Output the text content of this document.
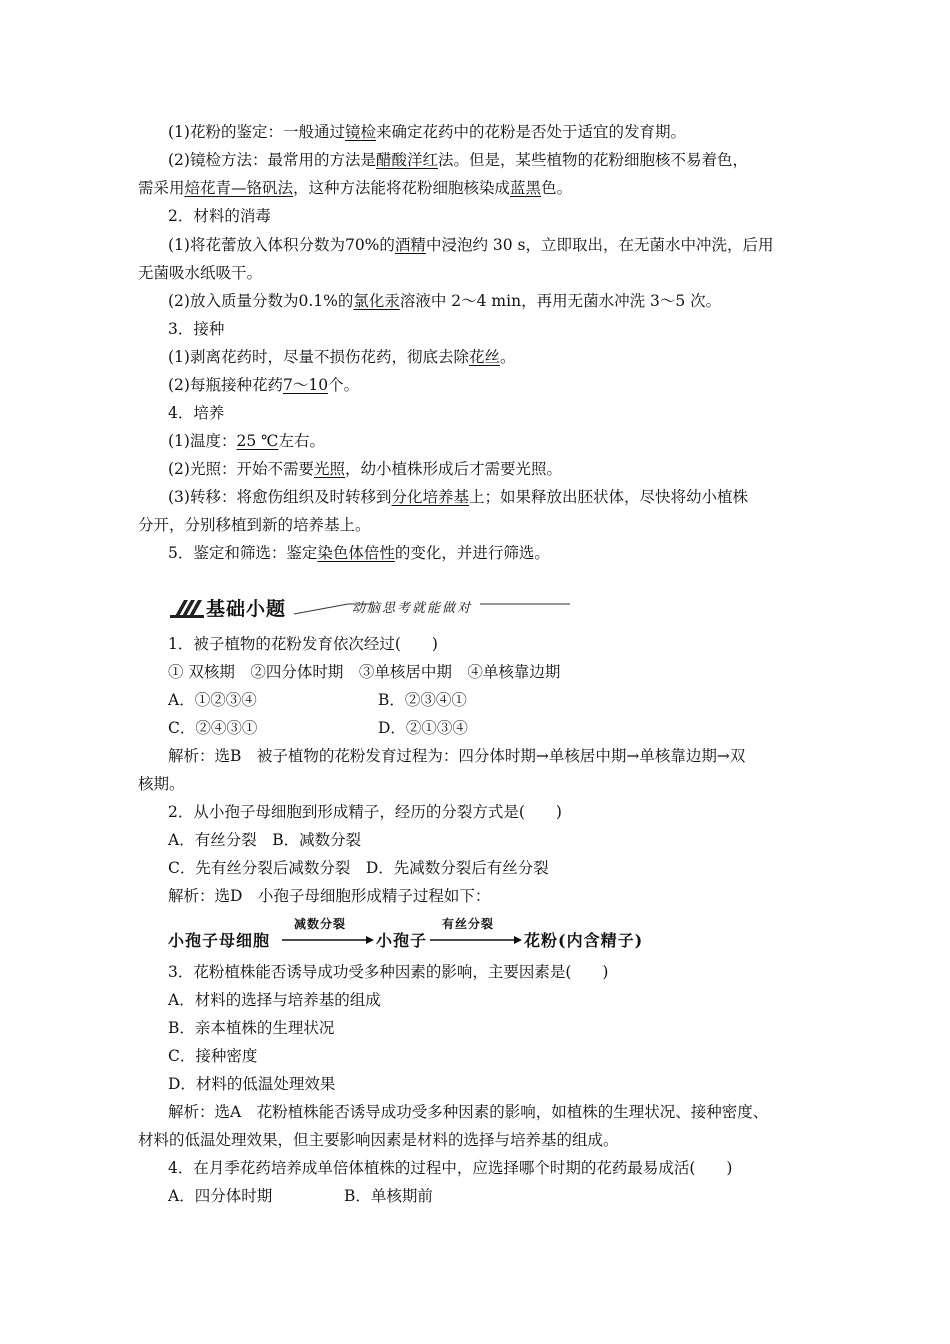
(1)花粉的鉴定：一般通过镜检来确定花药中的花粉是否处于适宜的发育期。
(2)镜检方法：最常用的方法是醋酸洋红法。但是，某些植物的花粉细胞核不易着色，
需采用焙花青—铬矾法，这种方法能将花粉细胞核染成蓝黑色。
2．材料的消毒
(1)将花蕾放入体积分数为70%的酒精中浸泡约 30 s，立即取出，在无菌水中冲洗，后用
无菌吸水纸吸干。
(2)放入质量分数为0.1%的氯化汞溶液中 2～4 min，再用无菌水冲洗 3～5 次。
3．接种
(1)剥离花药时，尽量不损伤花药，彻底去除花丝。
(2)每瓶接种花药7～10个。
4．培养
(1)温度：25 ℃左右。
(2)光照：开始不需要光照，幼小植株形成后才需要光照。
(3)转移：将愈伤组织及时转移到分化培养基上；如果释放出胚状体，尽快将幼小植株
分开，分别移植到新的培养基上。
5．鉴定和筛选：鉴定染色体倍性的变化，并进行筛选。
基础小题	动脑思考就能做对
1．被子植物的花粉发育依次经过(　　)
① 双核期　②四分体时期　③单核居中期　④单核靠边期
A．①②③④	B．②③④①
C．②④③①	D．②①③④
解析：选B　被子植物的花粉发育过程为：四分体时期→单核居中期→单核靠边期→双
核期。
2．从小孢子母细胞到形成精子，经历的分裂方式是(　　)
A．有丝分裂　B．减数分裂
C．先有丝分裂后减数分裂　D．先减数分裂后有丝分裂
解析：选D　小孢子母细胞形成精子过程如下：
小孢子母细胞
减数分裂
小孢子
有丝分裂
花粉(内含精子)
3．花粉植株能否诱导成功受多种因素的影响，主要因素是(　　)
A．材料的选择与培养基的组成
B．亲本植株的生理状况
C．接种密度
D．材料的低温处理效果
解析：选A　花粉植株能否诱导成功受多种因素的影响，如植株的生理状况、接种密度、
材料的低温处理效果，但主要影响因素是材料的选择与培养基的组成。
4．在月季花药培养成单倍体植株的过程中，应选择哪个时期的花药最易成活(　　)
A．四分体时期	B．单核期前
